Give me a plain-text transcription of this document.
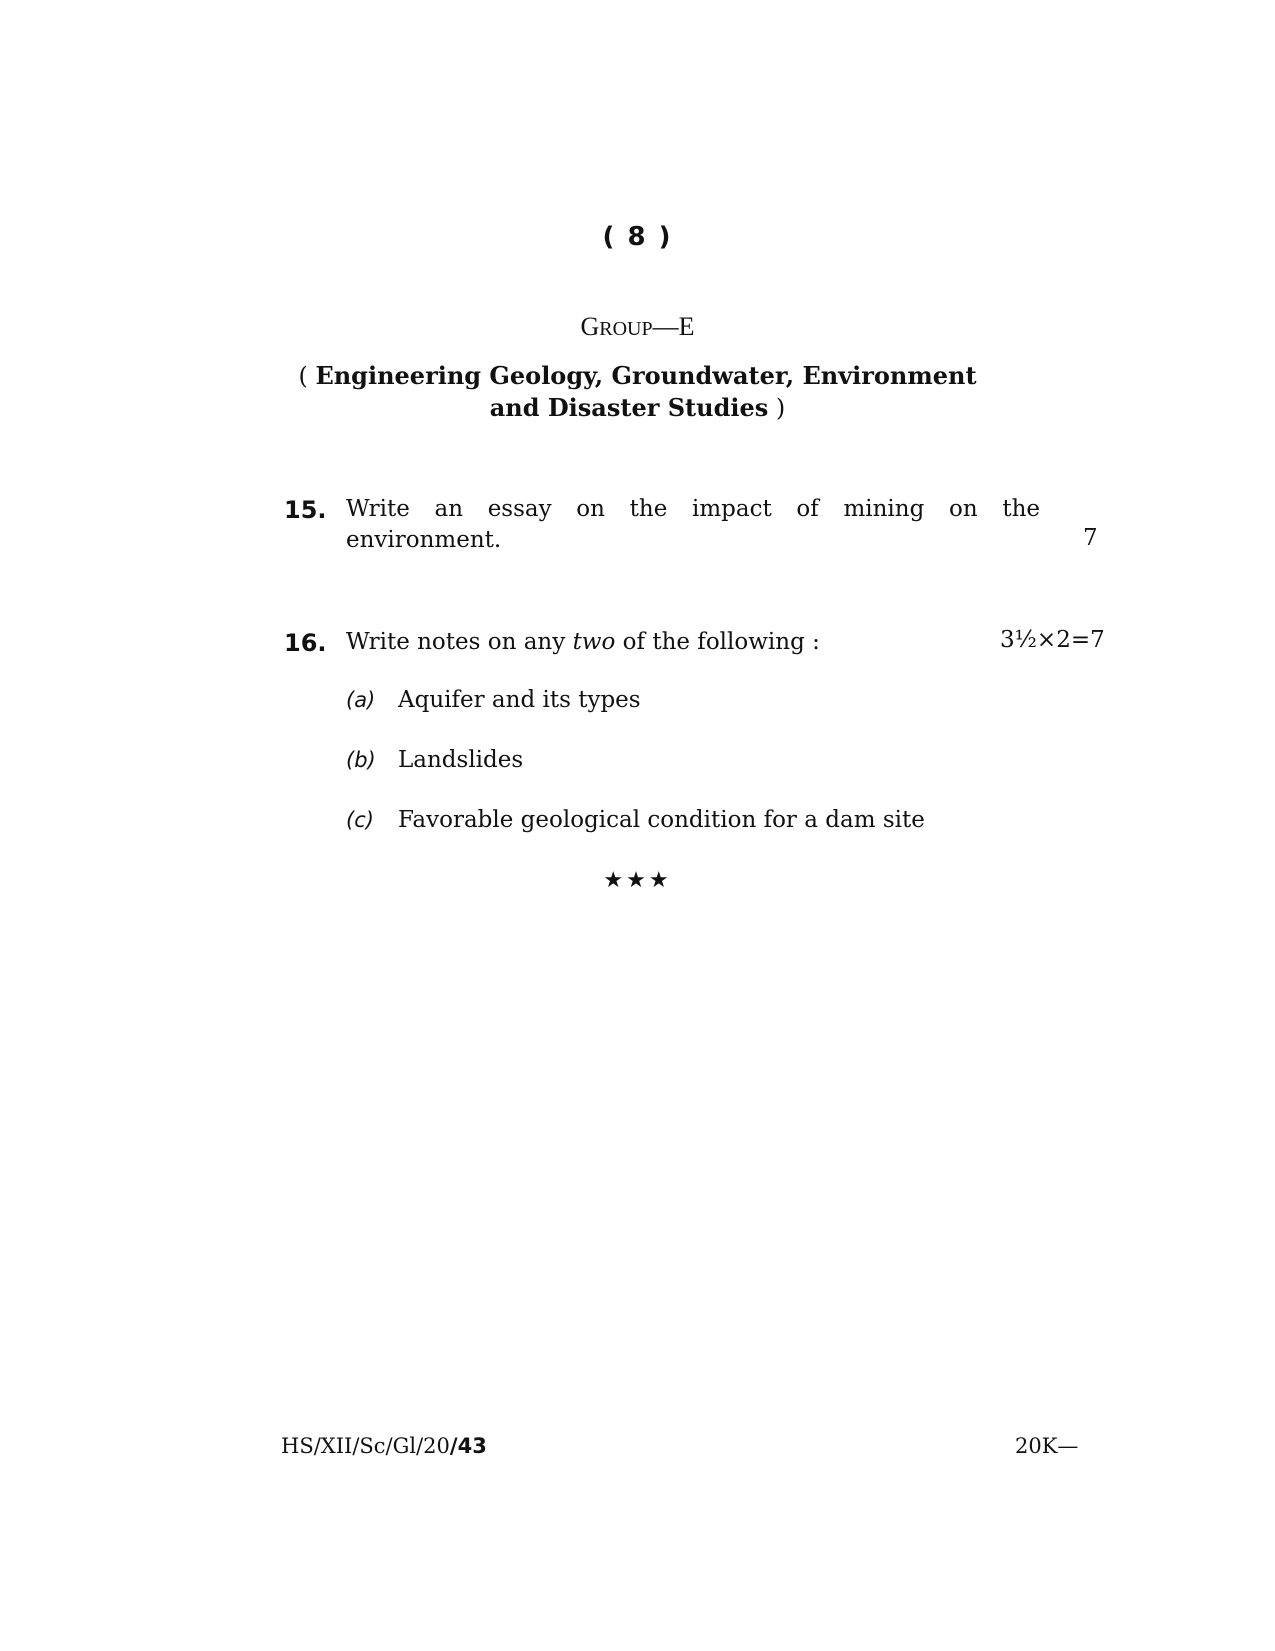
( 8 )
GROUP—E
( Engineering Geology, Groundwater, Environment
and Disaster Studies )
15. Write an essay on the impact of mining on the
environment.	7
16. Write notes on any two of the following :	3½×2=7
(a) Aquifer and its types
(b) Landslides
(c) Favorable geological condition for a dam site
★★★
HS/XII/Sc/Gl/20/43	20K—
